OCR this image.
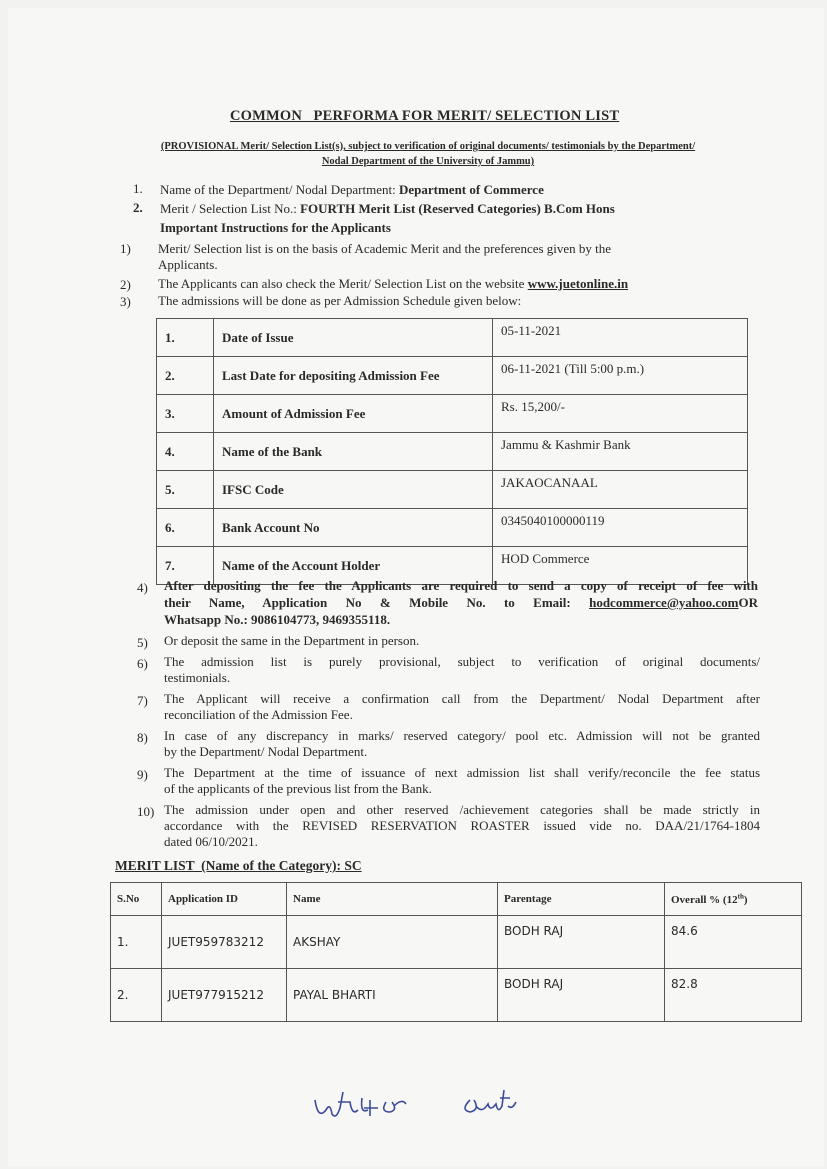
COMMON   PERFORMA FOR MERIT/ SELECTION LIST
(PROVISIONAL Merit/ Selection List(s), subject to verification of original documents/ testimonials by the Department/
Nodal Department of the University of Jammu)
1. Name of the Department/ Nodal Department: Department of Commerce
2. Merit / Selection List No.: FOURTH Merit List (Reserved Categories) B.Com Hons
Important Instructions for the Applicants
1) Merit/ Selection list is on the basis of Academic Merit and the preferences given by the
Applicants.
2) The Applicants can also check the Merit/ Selection List on the website www.juetonline.in
3) The admissions will be done as per Admission Schedule given below:
1.	Date of Issue	05-11-2021
2.	Last Date for depositing Admission Fee	06-11-2021 (Till 5:00 p.m.)
3.	Amount of Admission Fee	Rs. 15,200/-
4.	Name of the Bank	Jammu & Kashmir Bank
5.	IFSC Code	JAKAOCANAAL
6.	Bank Account No	0345040100000119
7.	Name of the Account Holder	HOD Commerce
4) After depositing the fee the Applicants are required to send a copy of receipt of fee with
their Name, Application No & Mobile No. to Email: hodcommerce@yahoo.comOR
Whatsapp No.: 9086104773, 9469355118.
5) Or deposit the same in the Department in person.
6) The admission list is purely provisional, subject to verification of original documents/
testimonials.
7) The Applicant will receive a confirmation call from the Department/ Nodal Department after
reconciliation of the Admission Fee.
8) In case of any discrepancy in marks/ reserved category/ pool etc. Admission will not be granted
by the Department/ Nodal Department.
9) The Department at the time of issuance of next admission list shall verify/reconcile the fee status
of the applicants of the previous list from the Bank.
10) The admission under open and other reserved /achievement categories shall be made strictly in
accordance with the REVISED RESERVATION ROASTER issued vide no. DAA/21/1764-1804
dated 06/10/2021.
MERIT LIST  (Name of the Category): SC
S.No	Application ID	Name	Parentage	Overall % (12th)
1.	JUET959783212	AKSHAY	BODH RAJ	84.6
2.	JUET977915212	PAYAL BHARTI	BODH RAJ	82.8
